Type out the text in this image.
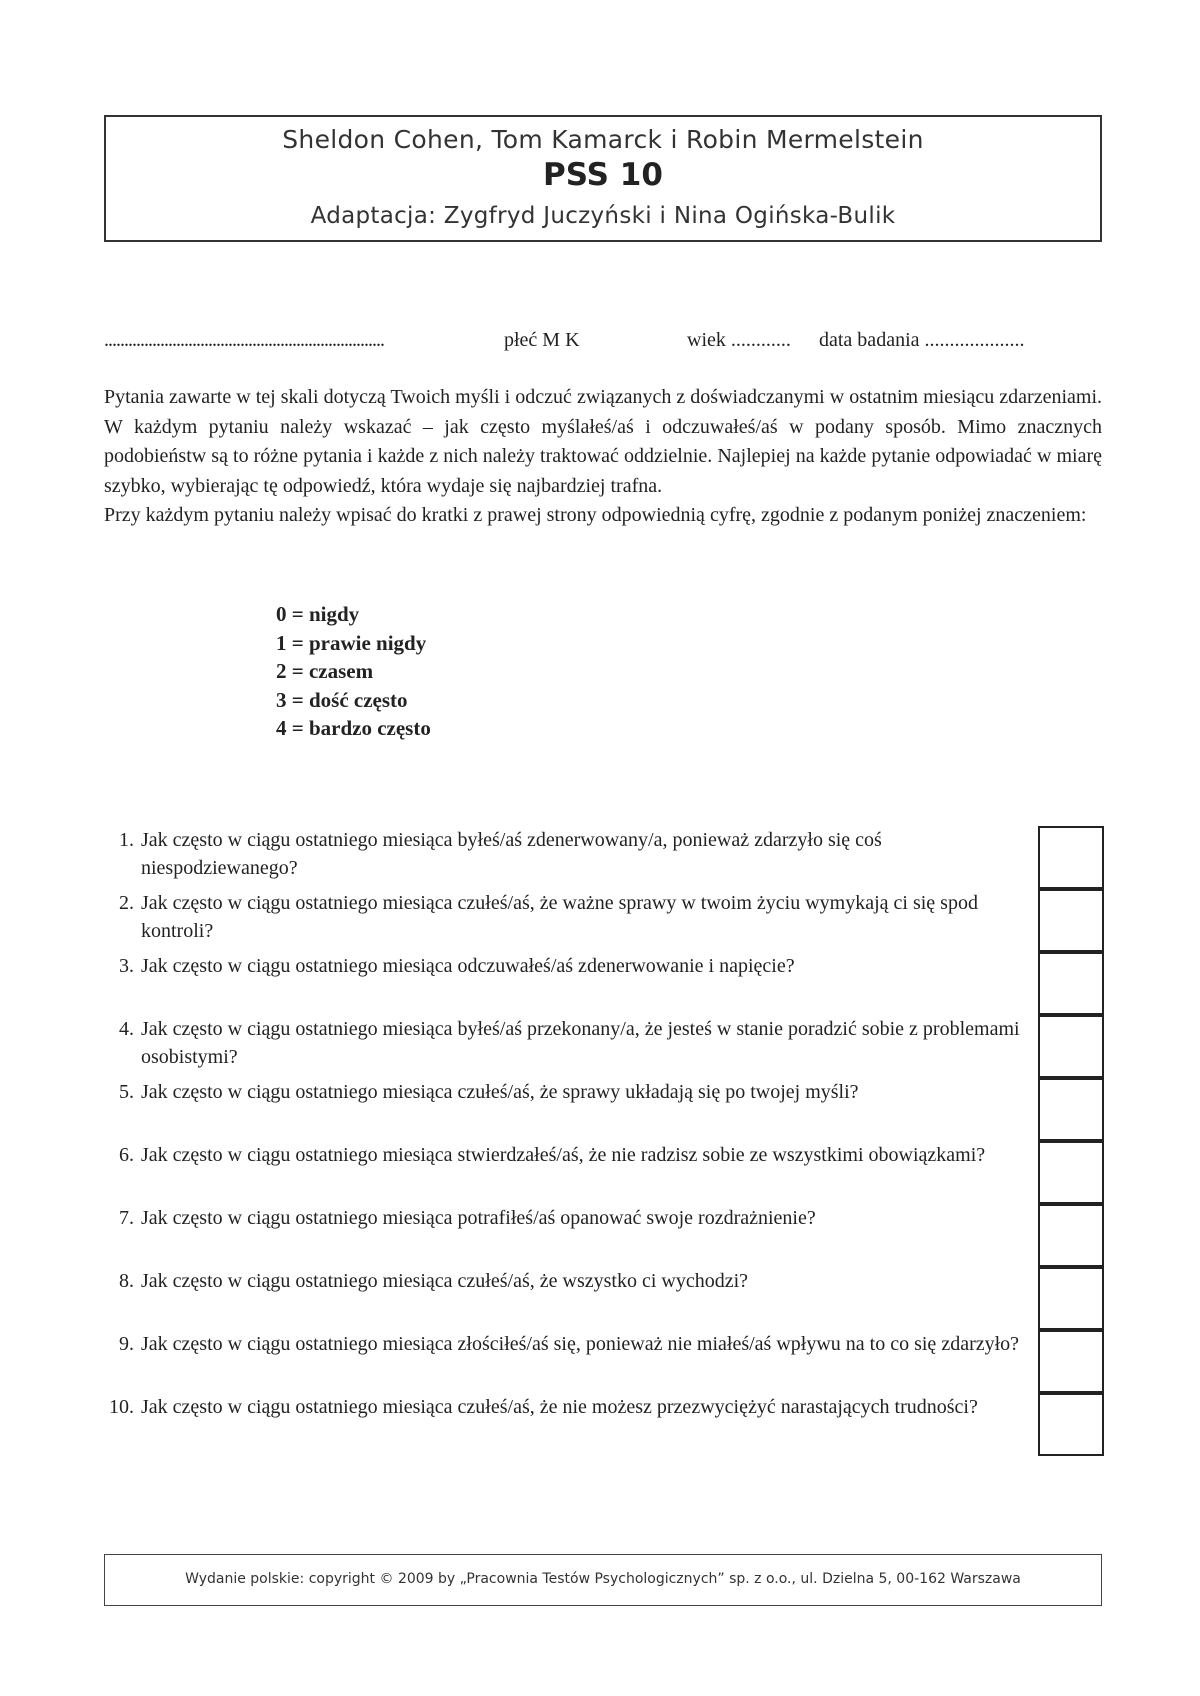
Sheldon Cohen, Tom Kamarck i Robin Mermelstein
PSS 10
Adaptacja: Zygfryd Juczyński i Nina Ogińska-Bulik
......................................................................	płeć M K	wiek ............ data badania ....................

Pytania zawarte w tej skali dotyczą Twoich myśli i odczuć związanych z doświadczanymi w ostatnim miesiącu zdarzeniami. W każdym pytaniu należy wskazać – jak często myślałeś/aś i odczuwałeś/aś w podany sposób. Mimo znacznych podobieństw są to różne pytania i każde z nich należy traktować oddzielnie. Najlepiej na każde pytanie odpowiadać w miarę szybko, wybierając tę odpowiedź, która wydaje się najbardziej trafna.

Przy każdym pytaniu należy wpisać do kratki z prawej strony odpowiednią cyfrę, zgodnie z podanym poniżej znaczeniem:

0 = nigdy
1 = prawie nigdy
2 = czasem
3 = dość często
4 = bardzo często
1. Jak często w ciągu ostatniego miesiąca byłeś/aś zdenerwowany/a, ponieważ zdarzyło się coś niespodziewanego?
2. Jak często w ciągu ostatniego miesiąca czułeś/aś, że ważne sprawy w twoim życiu wymykają ci się spod kontroli?
3. Jak często w ciągu ostatniego miesiąca odczuwałeś/aś zdenerwowanie i napięcie?
4. Jak często w ciągu ostatniego miesiąca byłeś/aś przekonany/a, że jesteś w stanie poradzić sobie z problemami osobistymi?
5. Jak często w ciągu ostatniego miesiąca czułeś/aś, że sprawy układają się po twojej myśli?
6. Jak często w ciągu ostatniego miesiąca stwierdzałeś/aś, że nie radzisz sobie ze wszystkimi obowiązkami?
7. Jak często w ciągu ostatniego miesiąca potrafiłeś/aś opanować swoje rozdrażnienie?
8. Jak często w ciągu ostatniego miesiąca czułeś/aś, że wszystko ci wychodzi?
9. Jak często w ciągu ostatniego miesiąca złościłeś/aś się, ponieważ nie miałeś/aś wpływu na to co się zdarzyło?
10. Jak często w ciągu ostatniego miesiąca czułeś/aś, że nie możesz przezwyciężyć narastających trudności?
Wydanie polskie: copyright © 2009 by „Pracownia Testów Psychologicznych” sp. z o.o., ul. Dzielna 5, 00-162 Warszawa
